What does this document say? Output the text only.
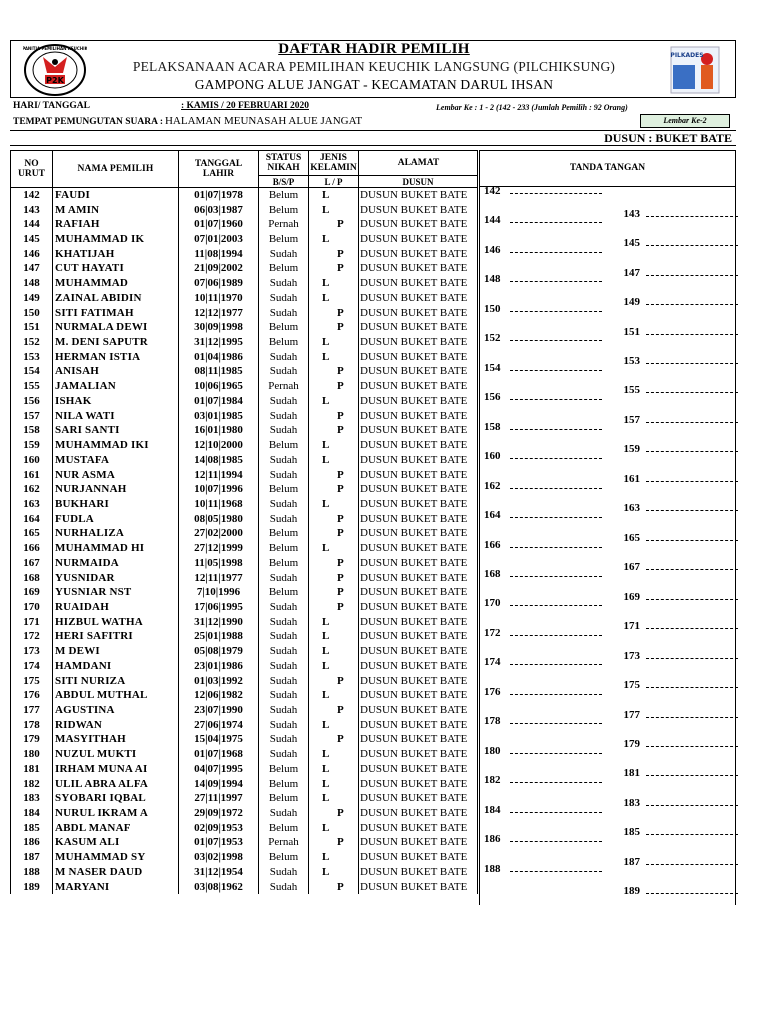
P2K
PANITIA PEMILIHAN KEUCHIK	DAFTAR HADIR PEMILIH
PELAKSANAAN ACARA PEMILIHAN KEUCHIK LANGSUNG (PILCHIKSUNG)
GAMPONG ALUE JANGAT - KECAMATAN DARUL IHSAN
PILKADES
HARI/ TANGGAL	: KAMIS / 20 FEBRUARI 2020	Lembar Ke : 1 - 2 (142 - 233 (Jumlah Pemilih : 92 Orang)
TEMPAT PEMUNGUTAN SUARA : HALAMAN MEUNASAH ALUE JANGAT	Lembar Ke-2
DUSUN : BUKET BATE
NO URUT	NAMA PEMILIH	TANGGAL LAHIR	STATUS NIKAH	JENIS KELAMIN	ALAMAT
			B/S/P	L / P	DUSUN
142	FAUDI	01|07|1978	Belum	L	DUSUN BUKET BATE
143	M AMIN	06|03|1987	Belum	L	DUSUN BUKET BATE
144	RAFIAH	01|07|1960	Pernah	P	DUSUN BUKET BATE
145	MUHAMMAD IK	07|01|2003	Belum	L	DUSUN BUKET BATE
146	KHATIJAH	11|08|1994	Sudah	P	DUSUN BUKET BATE
147	CUT HAYATI	21|09|2002	Belum	P	DUSUN BUKET BATE
148	MUHAMMAD	07|06|1989	Sudah	L	DUSUN BUKET BATE
149	ZAINAL ABIDIN	10|11|1970	Sudah	L	DUSUN BUKET BATE
150	SITI FATIMAH	12|12|1977	Sudah	P	DUSUN BUKET BATE
151	NURMALA DEWI	30|09|1998	Belum	P	DUSUN BUKET BATE
152	M. DENI SAPUTR	31|12|1995	Belum	L	DUSUN BUKET BATE
153	HERMAN ISTIA	01|04|1986	Sudah	L	DUSUN BUKET BATE
154	ANISAH	08|11|1985	Sudah	P	DUSUN BUKET BATE
155	JAMALIAN	10|06|1965	Pernah	P	DUSUN BUKET BATE
156	ISHAK	01|07|1984	Sudah	L	DUSUN BUKET BATE
157	NILA WATI	03|01|1985	Sudah	P	DUSUN BUKET BATE
158	SARI SANTI	16|01|1980	Sudah	P	DUSUN BUKET BATE
159	MUHAMMAD IKI	12|10|2000	Belum	L	DUSUN BUKET BATE
160	MUSTAFA	14|08|1985	Sudah	L	DUSUN BUKET BATE
161	NUR ASMA	12|11|1994	Sudah	P	DUSUN BUKET BATE
162	NURJANNAH	10|07|1996	Belum	P	DUSUN BUKET BATE
163	BUKHARI	10|11|1968	Sudah	L	DUSUN BUKET BATE
164	FUDLA	08|05|1980	Sudah	P	DUSUN BUKET BATE
165	NURHALIZA	27|02|2000	Belum	P	DUSUN BUKET BATE
166	MUHAMMAD HI	27|12|1999	Belum	L	DUSUN BUKET BATE
167	NURMAIDA	11|05|1998	Belum	P	DUSUN BUKET BATE
168	YUSNIDAR	12|11|1977	Sudah	P	DUSUN BUKET BATE
169	YUSNIAR NST	7|10|1996	Belum	P	DUSUN BUKET BATE
170	RUAIDAH	17|06|1995	Sudah	P	DUSUN BUKET BATE
171	HIZBUL WATHA	31|12|1990	Sudah	L	DUSUN BUKET BATE
172	HERI SAFITRI	25|01|1988	Sudah	L	DUSUN BUKET BATE
173	M DEWI	05|08|1979	Sudah	L	DUSUN BUKET BATE
174	HAMDANI	23|01|1986	Sudah	L	DUSUN BUKET BATE
175	SITI NURIZA	01|03|1992	Sudah	P	DUSUN BUKET BATE
176	ABDUL MUTHAL	12|06|1982	Sudah	L	DUSUN BUKET BATE
177	AGUSTINA	23|07|1990	Sudah	P	DUSUN BUKET BATE
178	RIDWAN	27|06|1974	Sudah	L	DUSUN BUKET BATE
179	MASYITHAH	15|04|1975	Sudah	P	DUSUN BUKET BATE
180	NUZUL MUKTI	01|07|1968	Sudah	L	DUSUN BUKET BATE
181	IRHAM MUNA AI	04|07|1995	Belum	L	DUSUN BUKET BATE
182	ULIL ABRA ALFA	14|09|1994	Belum	L	DUSUN BUKET BATE
183	SYOBARI IQBAL	27|11|1997	Belum	L	DUSUN BUKET BATE
184	NURUL IKRAM A	29|09|1972	Sudah	P	DUSUN BUKET BATE
185	ABDL MANAF	02|09|1953	Belum	L	DUSUN BUKET BATE
186	KASUM ALI	01|07|1953	Pernah	P	DUSUN BUKET BATE
187	MUHAMMAD SY	03|02|1998	Belum	L	DUSUN BUKET BATE
188	M NASER DAUD	31|12|1954	Sudah	L	DUSUN BUKET BATE
189	MARYANI	03|08|1962	Sudah	P	DUSUN BUKET BATE
TANDA TANGAN
142
143
144
145
146
147
148
149
150
151
152
153
154
155
156
157
158
159
160
161
162
163
164
165
166
167
168
169
170
171
172
173
174
175
176
177
178
179
180
181
182
183
184
185
186
187
188
189
